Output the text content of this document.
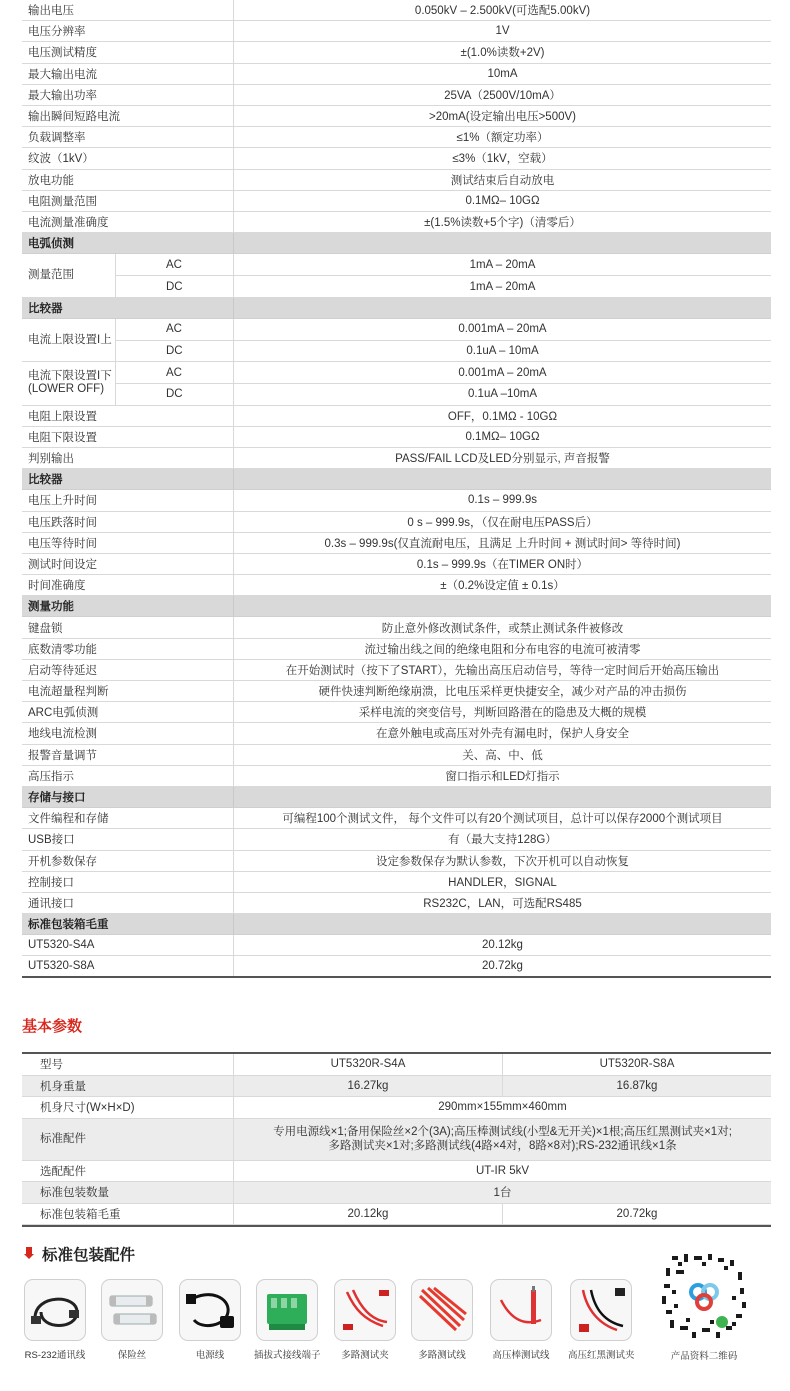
输出电压	0.050kV – 2.500kV(可选配5.00kV)
电压分辨率	1V
电压测试精度	±(1.0%读数+2V)
最大输出电流	10mA
最大输出功率	25VA（2500V/10mA）
输出瞬间短路电流	>20mA(设定输出电压>500V)
负载调整率	≤1%（额定功率）
纹波（1kV）	≤3%（1kV，空载）
放电功能	测试结束后自动放电
电阻测量范围	0.1MΩ– 10GΩ
电流测量准确度	±(1.5%读数+5个字)（清零后）
电弧侦测
测量范围
AC	1mA – 20mA
DC	1mA – 20mA
比较器
电流上限设置I上
AC	0.001mA – 20mA
DC	0.1uA – 10mA
电流下限设置I下(LOWER OFF)
AC	0.001mA – 20mA
DC	0.1uA –10mA
电阻上限设置	OFF，0.1MΩ - 10GΩ
电阻下限设置	0.1MΩ– 10GΩ
判别输出	PASS/FAIL LCD及LED分别显示, 声音报警
比较器
电压上升时间	0.1s – 999.9s
电压跌落时间	0 s – 999.9s，（仅在耐电压PASS后）
电压等待时间	0.3s – 999.9s(仅直流耐电压，且满足 上升时间 + 测试时间> 等待时间)
测试时间设定	0.1s – 999.9s（在TIMER ON时）
时间准确度	±（0.2%设定值 ± 0.1s）
测量功能
键盘锁	防止意外修改测试条件，或禁止测试条件被修改
底数清零功能	流过输出线之间的绝缘电阻和分布电容的电流可被清零
启动等待延迟	在开始测试时（按下了START），先输出高压启动信号，等待一定时间后开始高压输出
电流超量程判断	硬件快速判断绝缘崩溃，比电压采样更快捷安全，减少对产品的冲击损伤
ARC电弧侦测	采样电流的突变信号，判断回路潜在的隐患及大概的规模
地线电流检测	在意外触电或高压对外壳有漏电时，保护人身安全
报警音量调节	关、高、中、低
高压指示	窗口指示和LED灯指示
存储与接口
文件编程和存储	可编程100个测试文件， 每个文件可以有20个测试项目，总计可以保存2000个测试项目
USB接口	有（最大支持128G）
开机参数保存	设定参数保存为默认参数，下次开机可以自动恢复
控制接口	HANDLER，SIGNAL
通讯接口	RS232C，LAN，可选配RS485
标准包装箱毛重
UT5320-S4A	20.12kg
UT5320-S8A	20.72kg
基本参数
型号	UT5320R-S4A	UT5320R-S8A
机身重量	16.27kg	16.87kg
机身尺寸(W×H×D)	290mm×155mm×460mm
标准配件
专用电源线×1;备用保险丝×2个(3A);高压棒测试线(小型&无开关)×1根;高压红黑测试夹×1对;
多路测试夹×1对;多路测试线(4路×4对，8路×8对);RS-232通讯线×1条
选配配件	UT-IR 5kV
标准包装数量	1台
标准包装箱毛重	20.12kg	20.72kg
标准包装配件
RS-232通讯线	保险丝	电源线	插拔式接线端子	多路测试夹	多路测试线	高压棒测试线	高压红黑测试夹	产品资料二维码
